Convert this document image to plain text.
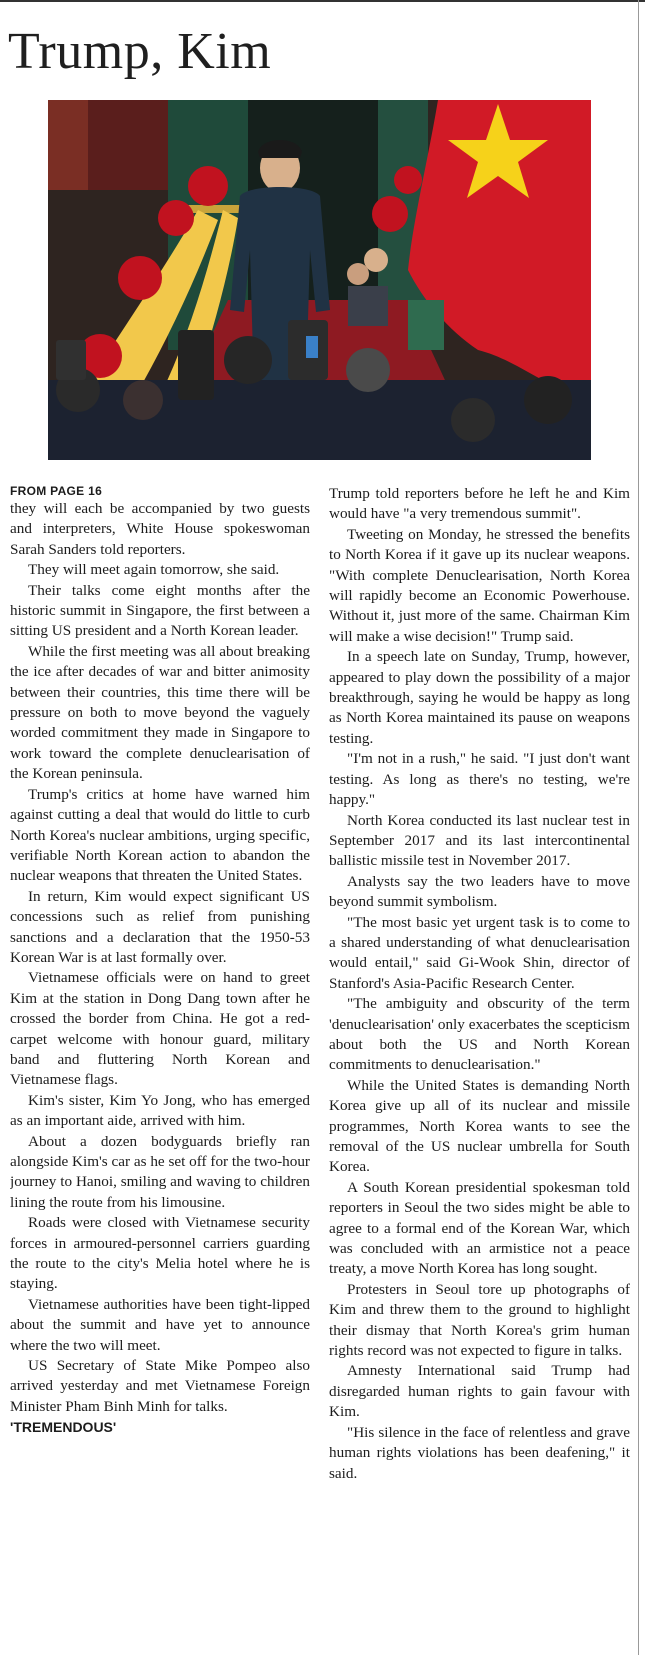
Trump, Kim
FROM PAGE 16

they will each be accompanied by two guests and interpreters, White House spokeswoman Sarah Sanders told reporters.

They will meet again tomorrow, she said.

Their talks come eight months after the historic summit in Singapore, the first between a sitting US president and a North Korean leader.

While the first meeting was all about breaking the ice after decades of war and bitter animosity between their countries, this time there will be pressure on both to move beyond the vaguely worded commitment they made in Singapore to work toward the complete denuclearisation of the Korean peninsula.

Trump's critics at home have warned him against cutting a deal that would do little to curb North Korea's nuclear ambitions, urging specific, verifiable North Korean action to abandon the nuclear weapons that threaten the United States.

In return, Kim would expect significant US concessions such as relief from punishing sanctions and a declaration that the 1950-53 Korean War is at last formally over.

Vietnamese officials were on hand to greet Kim at the station in Dong Dang town after he crossed the border from China. He got a red-carpet welcome with honour guard, military band and fluttering North Korean and Vietnamese flags.

Kim's sister, Kim Yo Jong, who has emerged as an important aide, arrived with him.

About a dozen bodyguards briefly ran alongside Kim's car as he set off for the two-hour journey to Hanoi, smiling and waving to children lining the route from his limousine.

Roads were closed with Vietnamese security forces in armoured-personnel carriers guarding the route to the city's Melia hotel where he is staying.

Vietnamese authorities have been tight-lipped about the summit and have yet to announce where the two will meet.

US Secretary of State Mike Pompeo also arrived yesterday and met Vietnamese Foreign Minister Pham Binh Minh for talks.

'TREMENDOUS'

Trump told reporters before he left he and Kim would have "a very tremendous summit".

Tweeting on Monday, he stressed the benefits to North Korea if it gave up its nuclear weapons. "With complete Denuclearisation, North Korea will rapidly become an Economic Powerhouse. Without it, just more of the same. Chairman Kim will make a wise decision!" Trump said.

In a speech late on Sunday, Trump, however, appeared to play down the possibility of a major breakthrough, saying he would be happy as long as North Korea maintained its pause on weapons testing.

"I'm not in a rush," he said. "I just don't want testing. As long as there's no testing, we're happy."

North Korea conducted its last nuclear test in September 2017 and its last intercontinental ballistic missile test in November 2017.

Analysts say the two leaders have to move beyond summit symbolism.

"The most basic yet urgent task is to come to a shared understanding of what denuclearisation would entail," said Gi-Wook Shin, director of Stanford's Asia-Pacific Research Center.

"The ambiguity and obscurity of the term 'denuclearisation' only exacerbates the scepticism about both the US and North Korean commitments to denuclearisation."

While the United States is demanding North Korea give up all of its nuclear and missile programmes, North Korea wants to see the removal of the US nuclear umbrella for South Korea.

A South Korean presidential spokesman told reporters in Seoul the two sides might be able to agree to a formal end of the Korean War, which was concluded with an armistice not a peace treaty, a move North Korea has long sought.

Protesters in Seoul tore up photographs of Kim and threw them to the ground to highlight their dismay that North Korea's grim human rights record was not expected to figure in talks.

Amnesty International said Trump had disregarded human rights to gain favour with Kim.

"His silence in the face of relentless and grave human rights violations has been deafening," it said.
